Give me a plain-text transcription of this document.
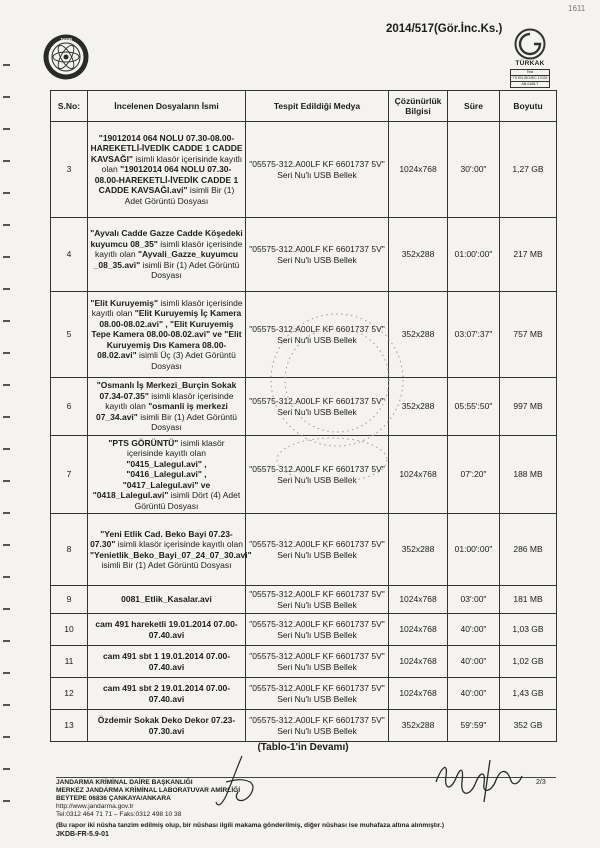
2014/517(Gör.İnc.Ks.)
1611
JKDB
TÜRKAK
Test
TS EN ISO/IEC 17025
AB-0168-T
S.No:	İncelenen Dosyaların İsmi	Tespit Edildiği Medya	Çözünürlük Bilgisi	Süre	Boyutu
3	"19012014 064 NOLU 07.30-08.00-HAREKETLİ-İVEDİK CADDE 1 CADDE KAVSAĞI" isimli klasör içerisinde kayıtlı olan "19012014 064 NOLU 07.30-08.00-HAREKETLİ-İVEDİK CADDE 1 CADDE KAVSAĞI.avi" isimli Bir (1) Adet Görüntü Dosyası	"05575-312.A00LF KF 6601737 5V" Seri Nu'lı USB Bellek	1024x768	30':00"	1,27 GB
4	"Ayvalı Cadde Gazze Cadde Köşedeki kuyumcu 08_35" isimli klasör içerisinde kayıtlı olan "Ayvali_Gazze_kuyumcu _08_35.avi" isimli Bir (1) Adet Görüntü Dosyası	"05575-312.A00LF KF 6601737 5V" Seri Nu'lı USB Bellek	352x288	01:00':00"	217 MB
5	"Elit Kuruyemiş" isimli klasör içerisinde kayıtlı olan "Elit Kuruyemiş İç Kamera 08.00-08.02.avi" , "Elit Kuruyemiş Tepe Kamera 08.00-08.02.avi" ve "Elit Kuruyemiş Dıs Kamera 08.00-08.02.avi" isimli Üç (3) Adet Görüntü Dosyası	"05575-312.A00LF KF 6601737 5V" Seri Nu'lı USB Bellek	352x288	03:07':37"	757 MB
6	"Osmanlı İş Merkezi_Burçin Sokak 07.34-07.35" isimli klasör içerisinde kayıtlı olan "osmanli iş merkezi 07_34.avi" isimli Bir (1) Adet Görüntü Dosyası	"05575-312.A00LF KF 6601737 5V" Seri Nu'lı USB Bellek	352x288	05:55':50"	997 MB
7	"PTS GÖRÜNTÜ" isimli klasör içerisinde kayıtlı olan "0415_Lalegul.avi" , "0416_Lalegul.avi" , "0417_Lalegul.avi" ve "0418_Lalegul.avi" isimli Dört (4) Adet Görüntü Dosyası	"05575-312.A00LF KF 6601737 5V" Seri Nu'lı USB Bellek	1024x768	07':20"	188 MB
8	"Yeni Etlik Cad. Beko Bayi 07.23-07.30" isimli klasör içerisinde kayıtlı olan "Yenietlik_Beko_Bayi_07_24_07_30.avi" isimli Bir (1) Adet Görüntü Dosyası	"05575-312.A00LF KF 6601737 5V" Seri Nu'lı USB Bellek	352x288	01:00':00"	286 MB
9	0081_Etlik_Kasalar.avi	"05575-312.A00LF KF 6601737 5V" Seri Nu'lı USB Bellek	1024x768	03':00"	181 MB
10	cam 491 hareketli 19.01.2014 07.00-07.40.avi	"05575-312.A00LF KF 6601737 5V" Seri Nu'lı USB Bellek	1024x768	40':00"	1,03 GB
11	cam 491 sbt 1 19.01.2014 07.00-07.40.avi	"05575-312.A00LF KF 6601737 5V" Seri Nu'lı USB Bellek	1024x768	40':00"	1,02 GB
12	cam 491 sbt 2 19.01.2014 07.00-07.40.avi	"05575-312.A00LF KF 6601737 5V" Seri Nu'lı USB Bellek	1024x768	40':00"	1,43 GB
13	Özdemir Sokak Deko Dekor 07.23-07.30.avi	"05575-312.A00LF KF 6601737 5V" Seri Nu'lı USB Bellek	352x288	59':59"	352 GB
(Tablo-1'in Devamı)
JANDARMA KRİMİNAL DAİRE BAŞKANLIĞI
MERKEZ JANDARMA KRİMİNAL LABORATUVAR AMİRLİĞİ
BEYTEPE 06836 ÇANKAYA/ANKARA
http://www.jandarma.gov.tr
Tel:0312 464 71 71 – Faks:0312 498 10 38
(Bu rapor iki nüsha tanzim edilmiş olup, bir nüshası ilgili makama gönderilmiş, diğer nüshası ise muhafaza altına alınmıştır.)
JKDB-FR-5.9-01
2/3
